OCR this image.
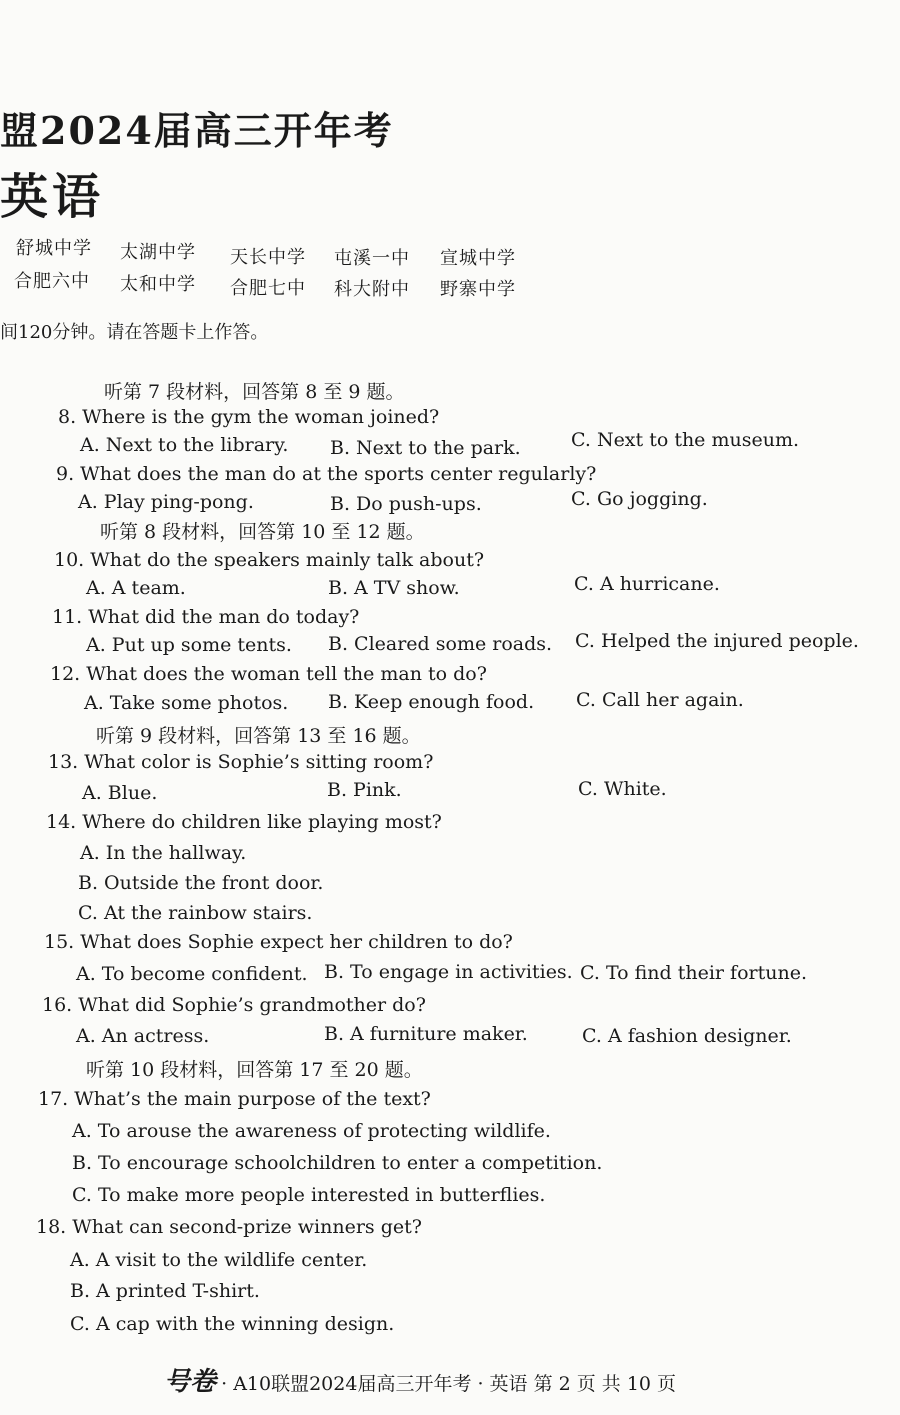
盟2024届高三开年考
英语
舒城中学 太湖中学 天长中学 屯溪一中 宣城中学
合肥六中 太和中学 合肥七中 科大附中 野寨中学
间120分钟。请在答题卡上作答。
听第 7 段材料，回答第 8 至 9 题。
8. Where is the gym the woman joined?
A. Next to the library. B. Next to the park.	C. Next to the museum.
9. What does the man do at the sports center regularly?
A. Play ping-pong.	B. Do push-ups.	C. Go jogging.
听第 8 段材料，回答第 10 至 12 题。
10. What do the speakers mainly talk about?
A. A team.	B. A TV show.	C. A hurricane.
11. What did the man do today?
A. Put up some tents. B. Cleared some roads. C. Helped the injured people.
12. What does the woman tell the man to do?
A. Take some photos. B. Keep enough food. C. Call her again.
听第 9 段材料，回答第 13 至 16 题。
13. What color is Sophie’s sitting room?
A. Blue.	B. Pink.	C. White.
14. Where do children like playing most?
A. In the hallway.
B. Outside the front door.
C. At the rainbow stairs.
15. What does Sophie expect her children to do?
A. To become confident. B. To engage in activities. C. To find their fortune.
16. What did Sophie’s grandmother do?
A. An actress.	B. A furniture maker.	C. A fashion designer.
听第 10 段材料，回答第 17 至 20 题。
17. What’s the main purpose of the text?
A. To arouse the awareness of protecting wildlife.
B. To encourage schoolchildren to enter a competition.
C. To make more people interested in butterflies.
18. What can second-prize winners get?
A. A visit to the wildlife center.
B. A printed T-shirt.
C. A cap with the winning design.
号卷 · A10联盟2024届高三开年考 · 英语 第 2 页 共 10 页
